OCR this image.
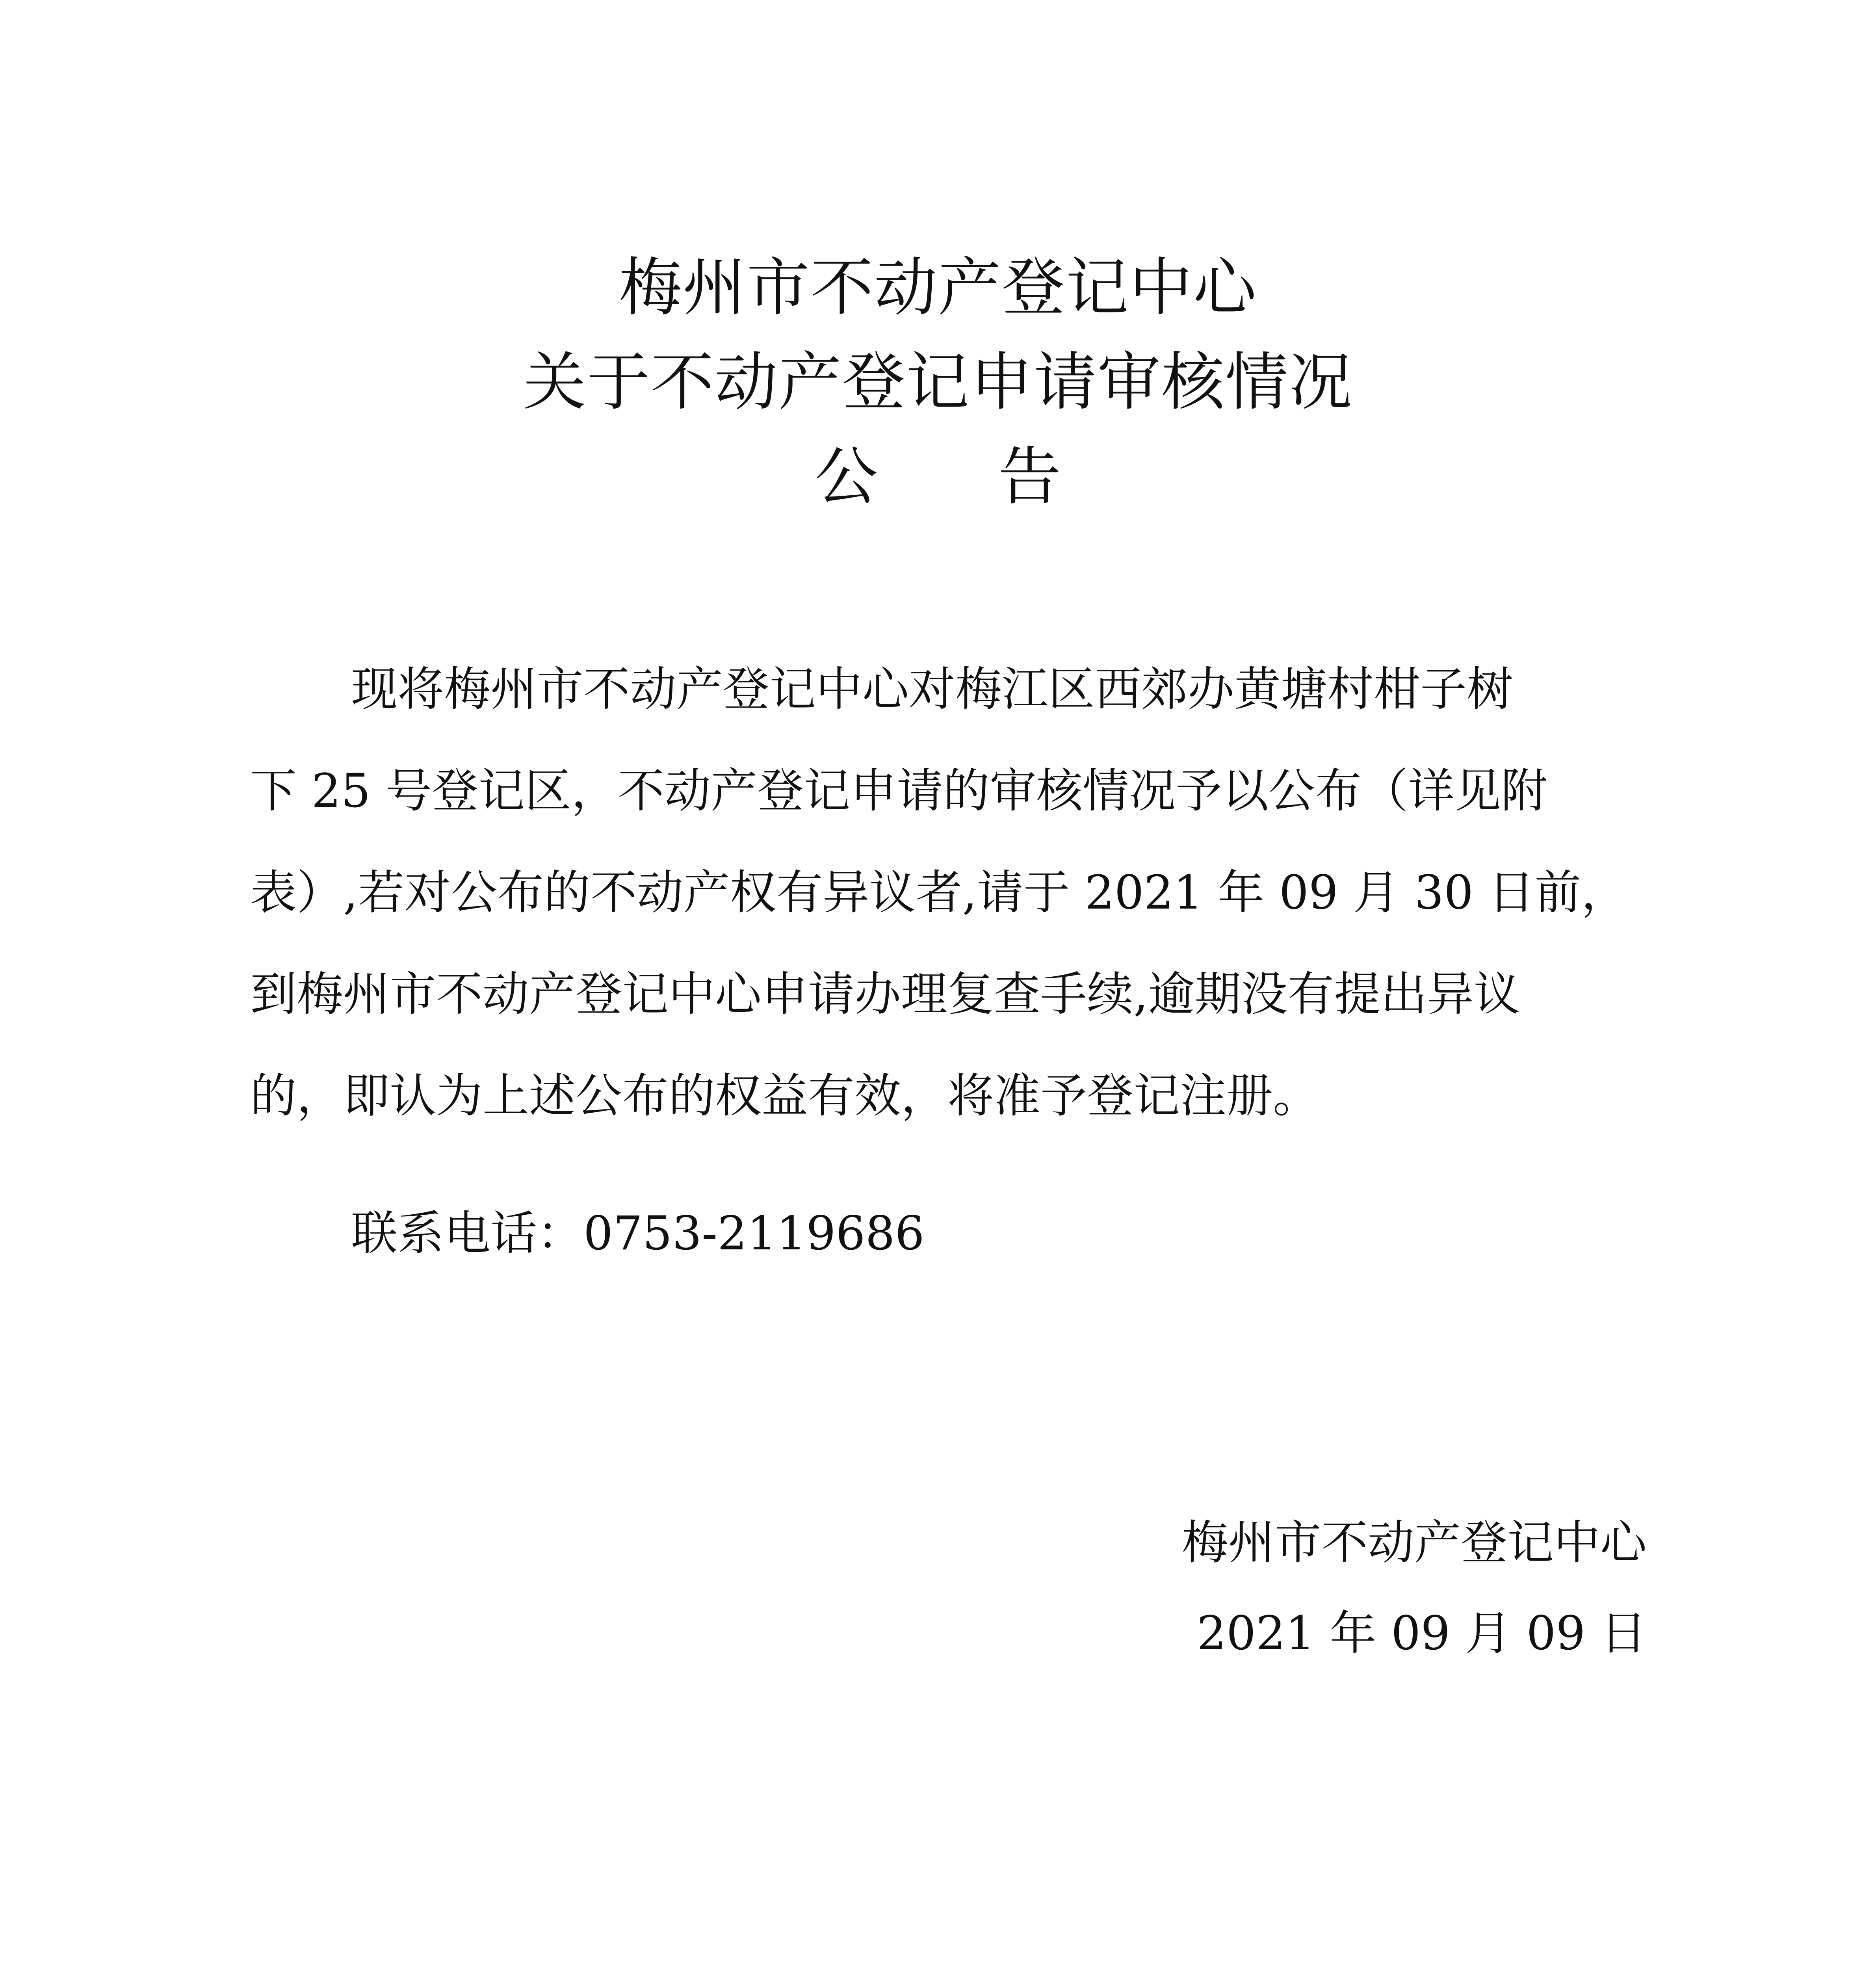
梅州市不动产登记中心
关于不动产登记申请审核情况
公      告
现将梅州市不动产登记中心对梅江区西郊办黄塘村柑子树
下 25 号登记区，不动产登记申请的审核情况予以公布（详见附
表）,若对公布的不动产权有异议者,请于 2021 年 09 月 30 日前，
到梅州市不动产登记中心申请办理复查手续,逾期没有提出异议
的，即认为上述公布的权益有效，将准予登记注册。
联系电话：0753-2119686
梅州市不动产登记中心
2021 年 09 月 09 日
